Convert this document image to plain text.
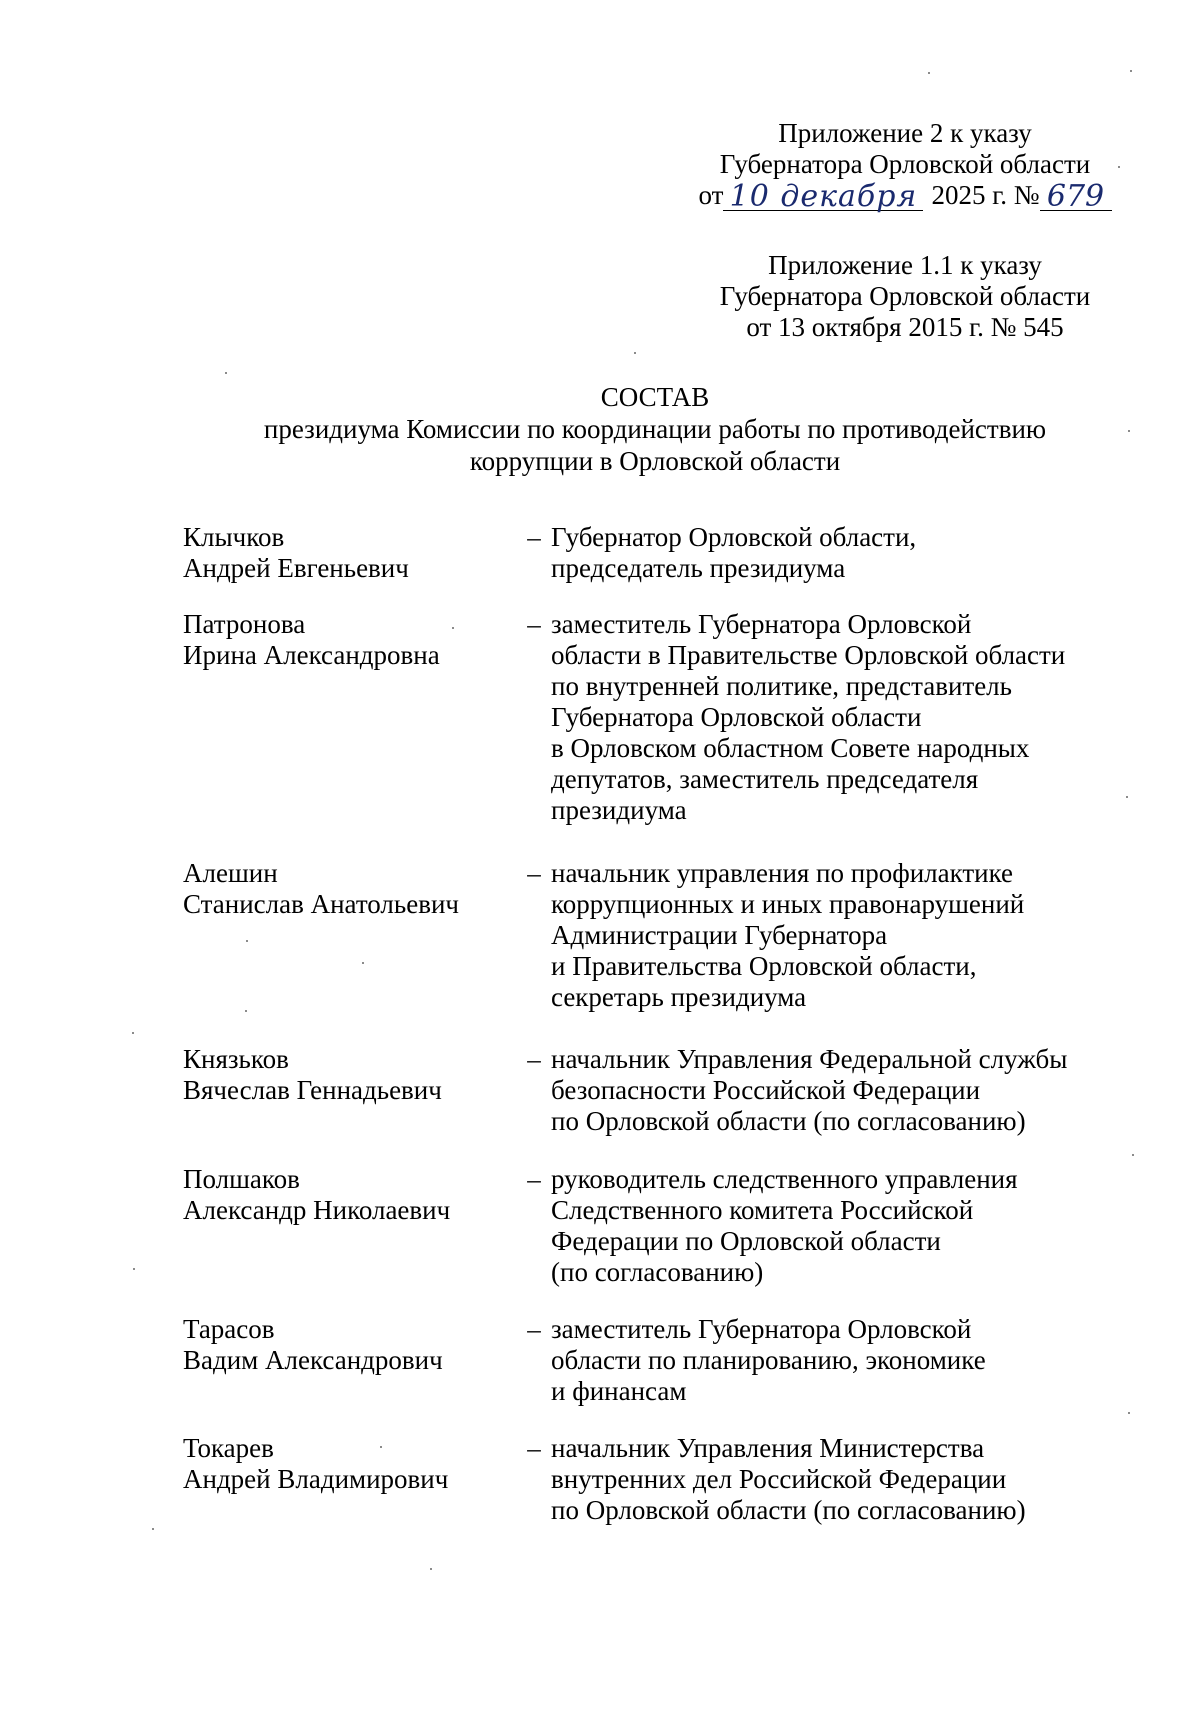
Приложение 2 к указу
Губернатора Орловской области
от 10 декабря 2025 г. № 679
Приложение 1.1 к указу
Губернатора Орловской области
от 13 октября 2015 г. № 545
СОСТАВ
президиума Комиссии по координации работы по противодействию
коррупции в Орловской области
Клычков
Андрей Евгеньевич
– Губернатор Орловской области,
председатель президиума
Патронова
Ирина Александровна
– заместитель Губернатора Орловской
области в Правительстве Орловской области
по внутренней политике, представитель
Губернатора Орловской области
в Орловском областном Совете народных
депутатов, заместитель председателя
президиума
Алешин
Станислав Анатольевич
– начальник управления по профилактике
коррупционных и иных правонарушений
Администрации Губернатора
и Правительства Орловской области,
секретарь президиума
Князьков
Вячеслав Геннадьевич
– начальник Управления Федеральной службы
безопасности Российской Федерации
по Орловской области (по согласованию)
Полшаков
Александр Николаевич
– руководитель следственного управления
Следственного комитета Российской
Федерации по Орловской области
(по согласованию)
Тарасов
Вадим Александрович
– заместитель Губернатора Орловской
области по планированию, экономике
и финансам
Токарев
Андрей Владимирович
– начальник Управления Министерства
внутренних дел Российской Федерации
по Орловской области (по согласованию)
